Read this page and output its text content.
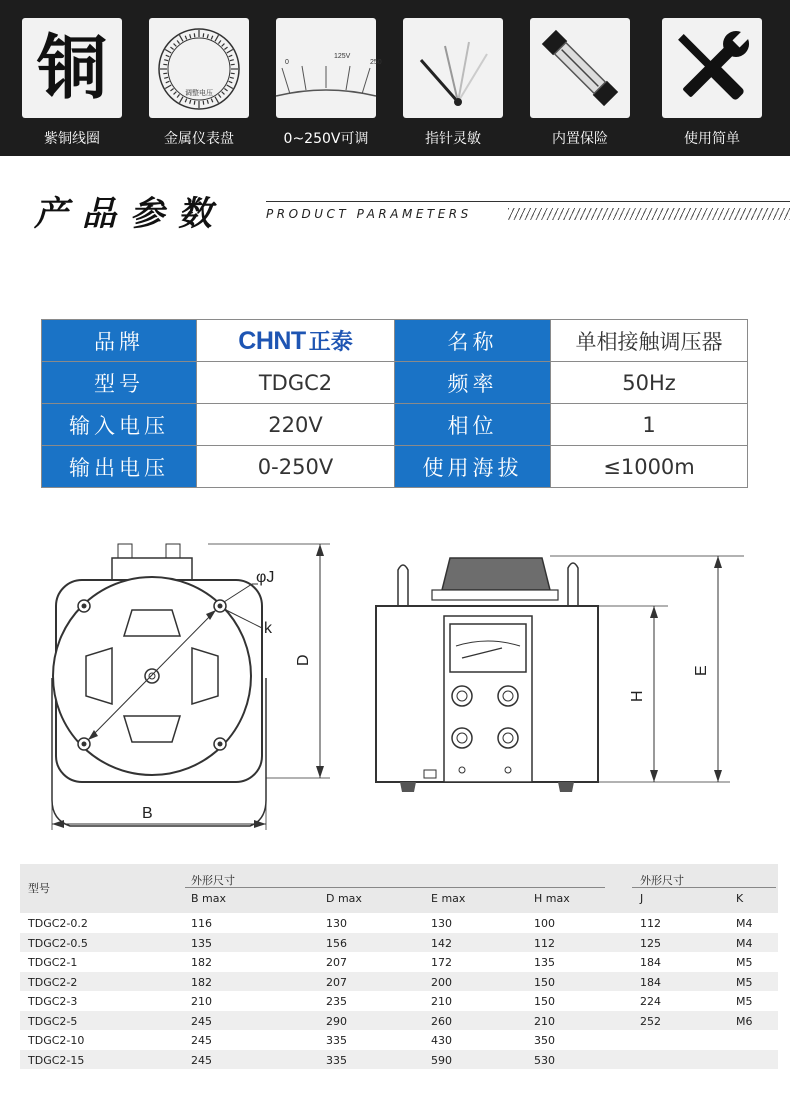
铜
紫铜线圈
调整电压
金属仪表盘
0
125V
250
0~250V可调	指针灵敏	内置保险	使用简单
产品参数	PRODUCT PARAMETERS
品牌	CHNT 正泰	名称	单相接触调压器
型号	TDGC2	频率	50Hz
输入电压	220V	相位	1
输出电压	0-250V	使用海拔	≤1000m
φJ
k
D
B
H
E
型号
外形尺寸	外形尺寸
B max	D max	E max	H max	J	K
TDGC2-0.2	116	130	130	100	112	M4
TDGC2-0.5	135	156	142	112	125	M4
TDGC2-1	182	207	172	135	184	M5
TDGC2-2	182	207	200	150	184	M5
TDGC2-3	210	235	210	150	224	M5
TDGC2-5	245	290	260	210	252	M6
TDGC2-10	245	335	430	350
TDGC2-15	245	335	590	530
